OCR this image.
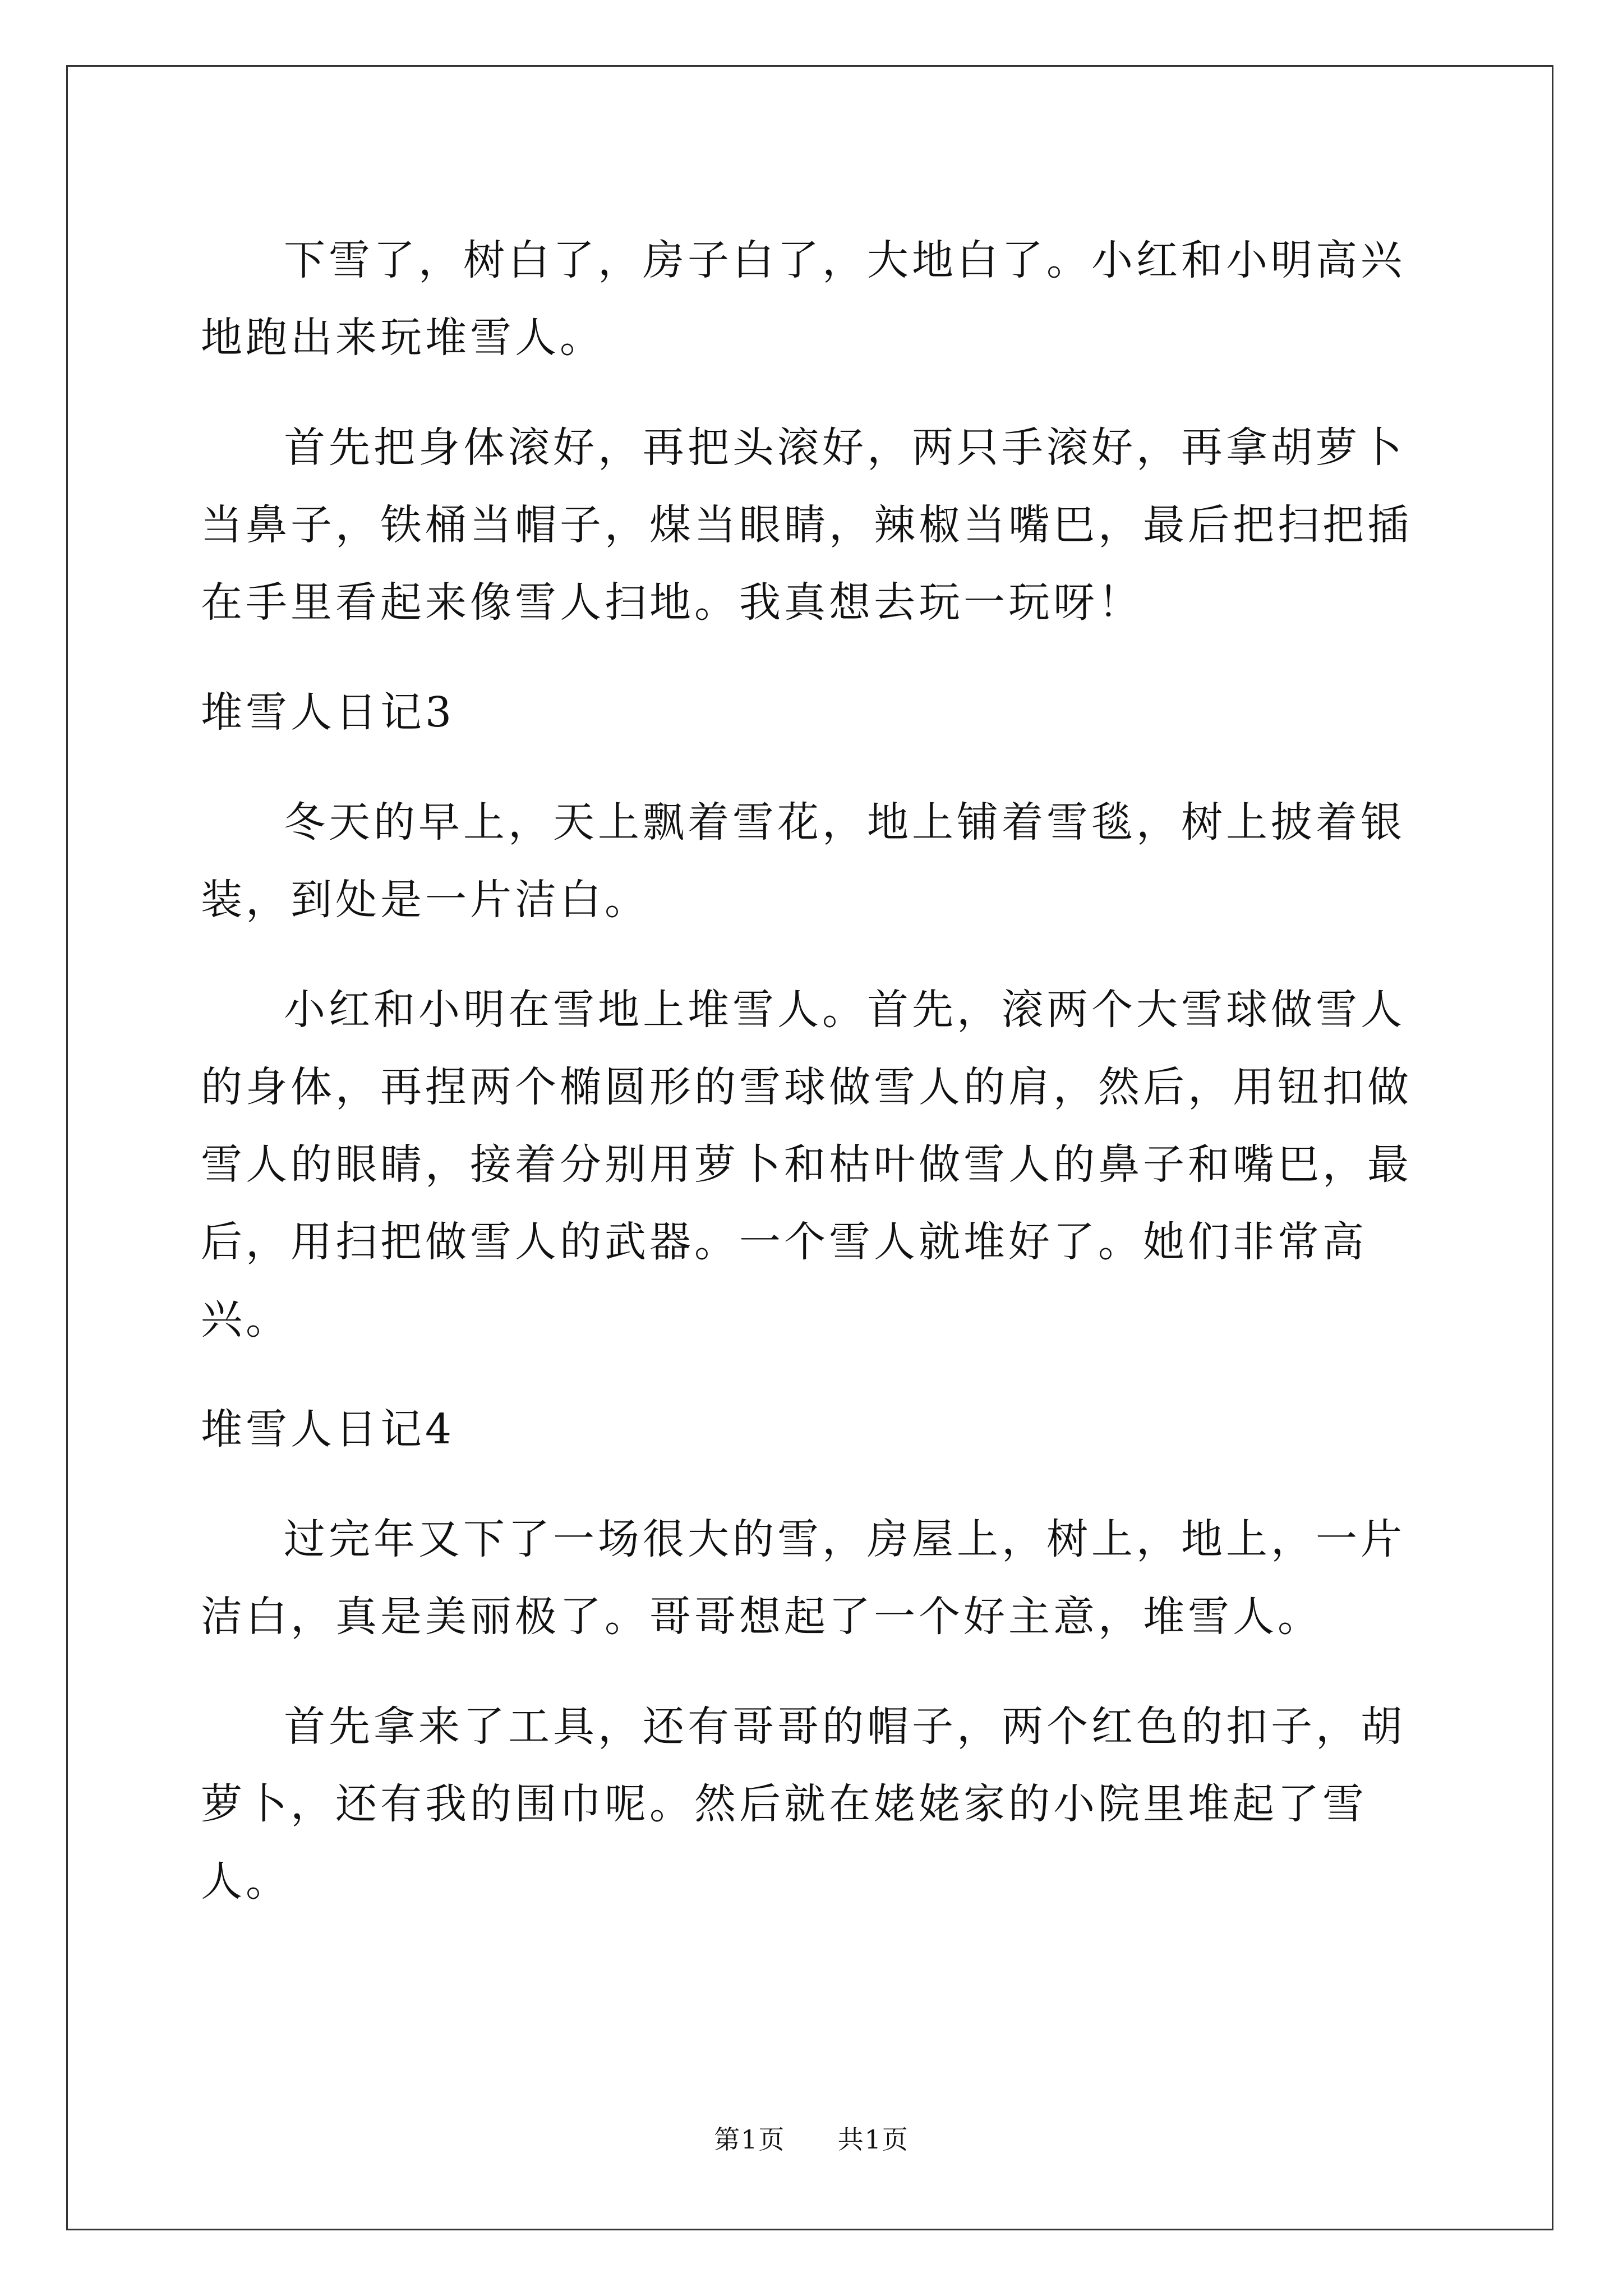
下雪了，树白了，房子白了，大地白了。小红和小明高兴地跑出来玩堆雪人。

首先把身体滚好，再把头滚好，两只手滚好，再拿胡萝卜当鼻子，铁桶当帽子，煤当眼睛，辣椒当嘴巴，最后把扫把插在手里看起来像雪人扫地。我真想去玩一玩呀！

堆雪人日记3

冬天的早上，天上飘着雪花，地上铺着雪毯，树上披着银装，到处是一片洁白。

小红和小明在雪地上堆雪人。首先，滚两个大雪球做雪人的身体，再捏两个椭圆形的雪球做雪人的肩，然后，用钮扣做雪人的眼睛，接着分别用萝卜和枯叶做雪人的鼻子和嘴巴，最后，用扫把做雪人的武器。一个雪人就堆好了。她们非常高兴。

堆雪人日记4

过完年又下了一场很大的雪，房屋上，树上，地上，一片洁白，真是美丽极了。哥哥想起了一个好主意，堆雪人。

首先拿来了工具，还有哥哥的帽子，两个红色的扣子，胡萝卜，还有我的围巾呢。然后就在姥姥家的小院里堆起了雪人。

第1页 共1页
